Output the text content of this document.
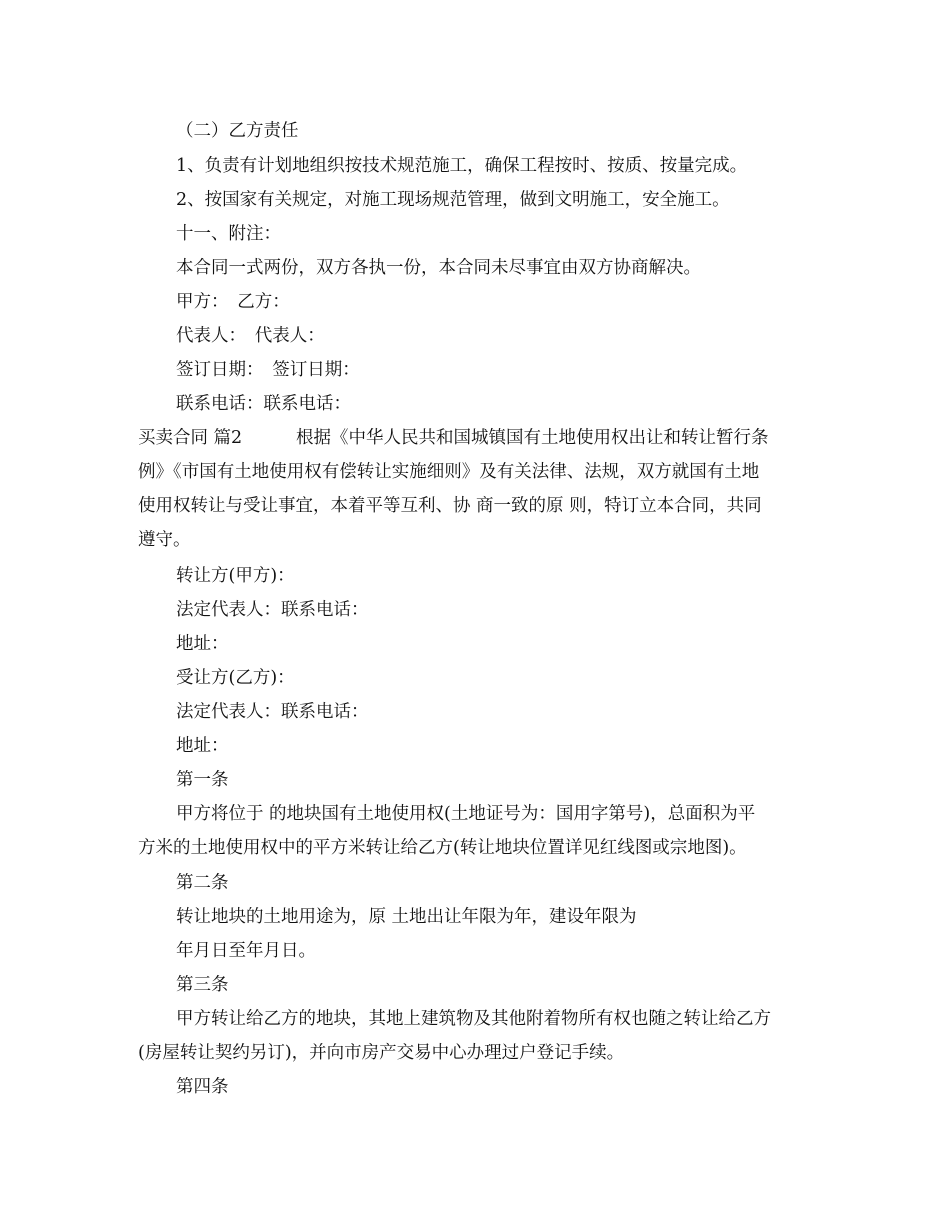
（二）乙方责任
1、负责有计划地组织按技术规范施工，确保工程按时、按质、按量完成。
2、按国家有关规定，对施工现场规范管理，做到文明施工，安全施工。
十一、附注：
本合同一式两份，双方各执一份，本合同未尽事宜由双方协商解决。
甲方：　乙方：
代表人：　代表人：
签订日期：　签订日期：
联系电话：联系电话：
买卖合同 篇2	根据《中华人民共和国城镇国有土地使用权出让和转让暂行条
例》《市国有土地使用权有偿转让实施细则》及有关法律、法规，双方就国有土地
使用权转让与受让事宜，本着平等互利、协 商一致的原 则，特订立本合同，共同
遵守。
转让方(甲方)：
法定代表人：联系电话：
地址：
受让方(乙方)：
法定代表人：联系电话：
地址：
第一条
甲方将位于 的地块国有土地使用权(土地证号为：国用字第号)，总面积为平
方米的土地使用权中的平方米转让给乙方(转让地块位置详见红线图或宗地图)。
第二条
转让地块的土地用途为，原 土地出让年限为年，建设年限为
年月日至年月日。
第三条
甲方转让给乙方的地块，其地上建筑物及其他附着物所有权也随之转让给乙方
(房屋转让契约另订)，并向市房产交易中心办理过户登记手续。
第四条
